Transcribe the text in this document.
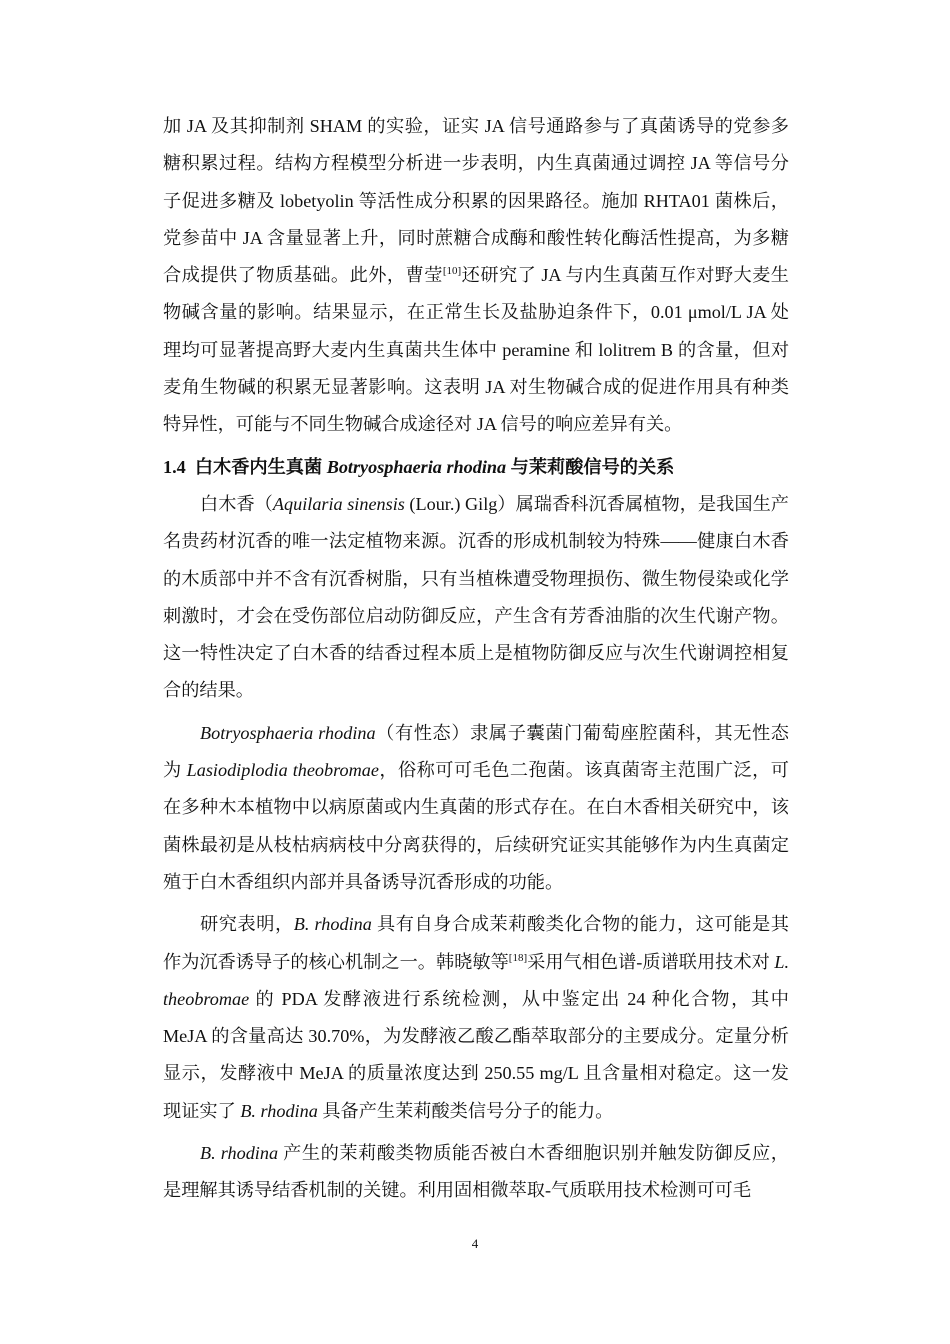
加 JA 及其抑制剂 SHAM 的实验，证实 JA 信号通路参与了真菌诱导的党参多糖积累过程。结构方程模型分析进一步表明，内生真菌通过调控 JA 等信号分子促进多糖及 lobetyolin 等活性成分积累的因果路径。施加 RHTA01 菌株后，党参苗中 JA 含量显著上升，同时蔗糖合成酶和酸性转化酶活性提高，为多糖合成提供了物质基础。此外，曹莹[10]还研究了 JA 与内生真菌互作对野大麦生物碱含量的影响。结果显示，在正常生长及盐胁迫条件下，0.01 μmol/L JA 处理均可显著提高野大麦内生真菌共生体中 peramine 和 lolitrem B 的含量，但对麦角生物碱的积累无显著影响。这表明 JA 对生物碱合成的促进作用具有种类特异性，可能与不同生物碱合成途径对 JA 信号的响应差异有关。

1.4 白木香内生真菌 Botryosphaeria rhodina 与茉莉酸信号的关系

白木香（Aquilaria sinensis (Lour.) Gilg）属瑞香科沉香属植物，是我国生产名贵药材沉香的唯一法定植物来源。沉香的形成机制较为特殊——健康白木香的木质部中并不含有沉香树脂，只有当植株遭受物理损伤、微生物侵染或化学刺激时，才会在受伤部位启动防御反应，产生含有芳香油脂的次生代谢产物。这一特性决定了白木香的结香过程本质上是植物防御反应与次生代谢调控相复合的结果。

Botryosphaeria rhodina（有性态）隶属子囊菌门葡萄座腔菌科，其无性态为 Lasiodiplodia theobromae，俗称可可毛色二孢菌。该真菌寄主范围广泛，可在多种木本植物中以病原菌或内生真菌的形式存在。在白木香相关研究中，该菌株最初是从枝枯病病枝中分离获得的，后续研究证实其能够作为内生真菌定殖于白木香组织内部并具备诱导沉香形成的功能。

研究表明，B. rhodina 具有自身合成茉莉酸类化合物的能力，这可能是其作为沉香诱导子的核心机制之一。韩晓敏等[18]采用气相色谱-质谱联用技术对 L. theobromae 的 PDA 发酵液进行系统检测，从中鉴定出 24 种化合物，其中 MeJA 的含量高达 30.70%，为发酵液乙酸乙酯萃取部分的主要成分。定量分析显示，发酵液中 MeJA 的质量浓度达到 250.55 mg/L 且含量相对稳定。这一发现证实了 B. rhodina 具备产生茉莉酸类信号分子的能力。

B. rhodina 产生的茉莉酸类物质能否被白木香细胞识别并触发防御反应，是理解其诱导结香机制的关键。利用固相微萃取-气质联用技术检测可可毛

4
